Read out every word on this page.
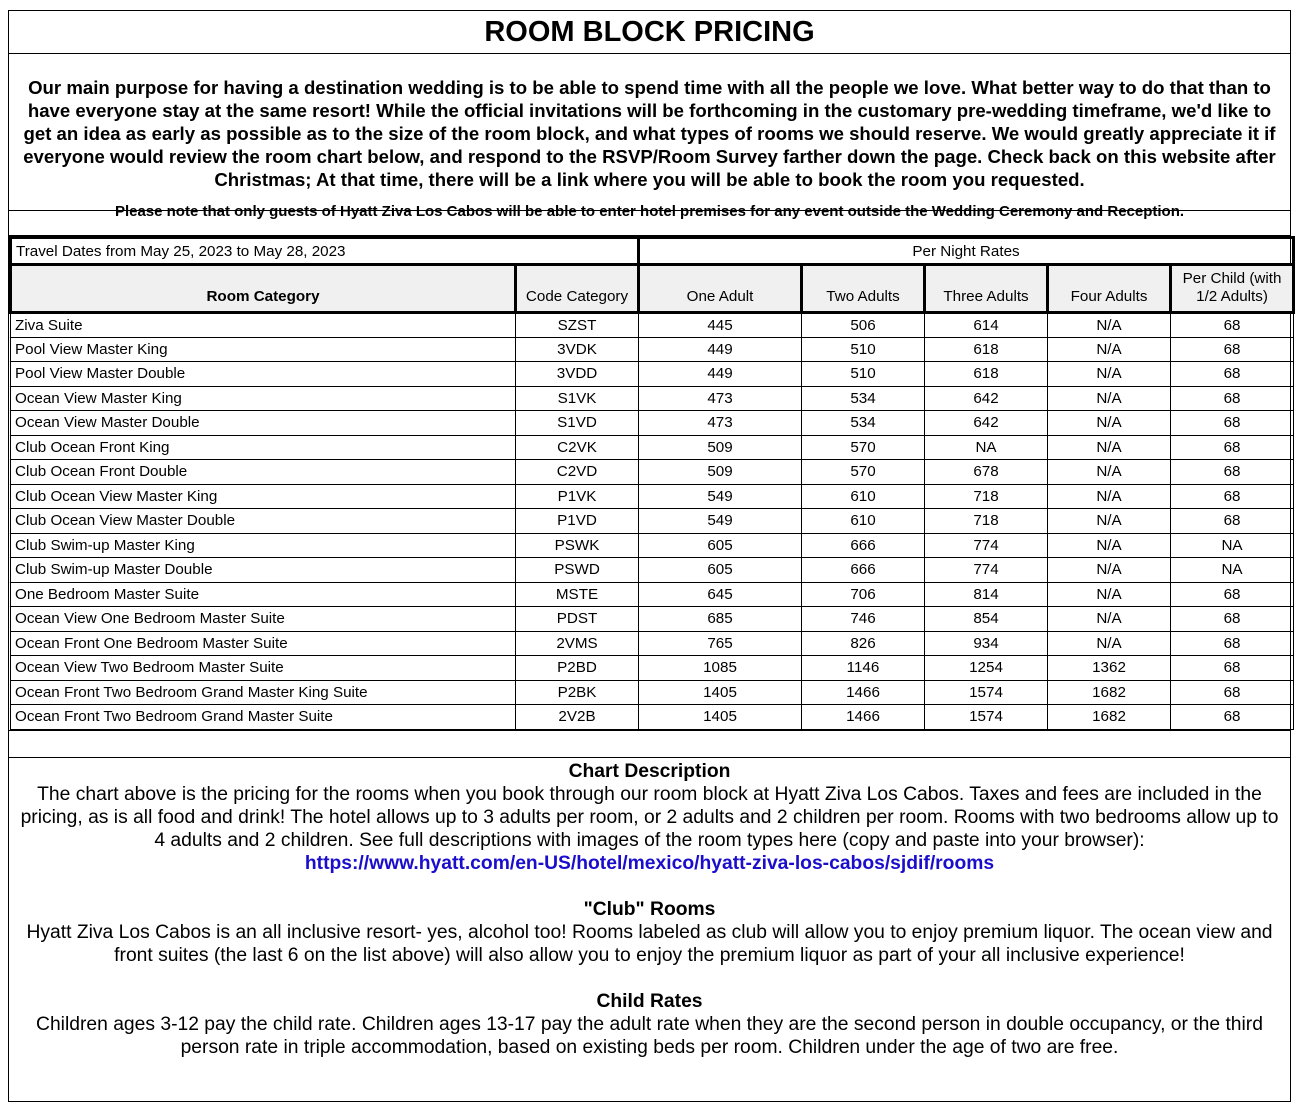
ROOM BLOCK PRICING
Our main purpose for having a destination wedding is to be able to spend time with all the people we love. What better way to do that than to have everyone stay at the same resort! While the official invitations will be forthcoming in the customary pre-wedding timeframe, we'd like to get an idea as early as possible as to the size of the room block, and what types of rooms we should reserve. We would greatly appreciate it if everyone would review the room chart below, and respond to the RSVP/Room Survey farther down the page. Check back on this website after Christmas; At that time, there will be a link where you will be able to book the room you requested.
Please note that only guests of Hyatt Ziva Los Cabos will be able to enter hotel premises for any event outside the Wedding Ceremony and Reception.
Travel Dates from May 25, 2023 to May 28, 2023		Per Night Rates				
Room Category	Code Category	One Adult	Two Adults	Three Adults	Four Adults	Per Child (with 1/2 Adults)
Ziva Suite	SZST	445	506	614	N/A	68
Pool View Master King	3VDK	449	510	618	N/A	68
Pool View Master Double	3VDD	449	510	618	N/A	68
Ocean View Master King	S1VK	473	534	642	N/A	68
Ocean View Master Double	S1VD	473	534	642	N/A	68
Club Ocean Front King	C2VK	509	570	NA	N/A	68
Club Ocean Front Double	C2VD	509	570	678	N/A	68
Club Ocean View Master King	P1VK	549	610	718	N/A	68
Club Ocean View Master Double	P1VD	549	610	718	N/A	68
Club Swim-up Master King	PSWK	605	666	774	N/A	NA
Club Swim-up Master Double	PSWD	605	666	774	N/A	NA
One Bedroom Master Suite	MSTE	645	706	814	N/A	68
Ocean View One Bedroom Master Suite	PDST	685	746	854	N/A	68
Ocean Front One Bedroom Master Suite	2VMS	765	826	934	N/A	68
Ocean View Two Bedroom Master Suite	P2BD	1085	1146	1254	1362	68
Ocean Front Two Bedroom Grand Master King Suite	P2BK	1405	1466	1574	1682	68
Ocean Front Two Bedroom Grand Master Suite	2V2B	1405	1466	1574	1682	68
Chart Description

The chart above is the pricing for the rooms when you book through our room block at Hyatt Ziva Los Cabos. Taxes and fees are included in the pricing, as is all food and drink! The hotel allows up to 3 adults per room, or 2 adults and 2 children per room. Rooms with two bedrooms allow up to 4 adults and 2 children. See full descriptions with images of the room types here (copy and paste into your browser):

https://www.hyatt.com/en-US/hotel/mexico/hyatt-ziva-los-cabos/sjdif/rooms

"Club" Rooms

Hyatt Ziva Los Cabos is an all inclusive resort- yes, alcohol too! Rooms labeled as club will allow you to enjoy premium liquor. The ocean view and front suites (the last 6 on the list above) will also allow you to enjoy the premium liquor as part of your all inclusive experience!

Child Rates

Children ages 3-12 pay the child rate. Children ages 13-17 pay the adult rate when they are the second person in double occupancy, or the third person rate in triple accommodation, based on existing beds per room. Children under the age of two are free.
